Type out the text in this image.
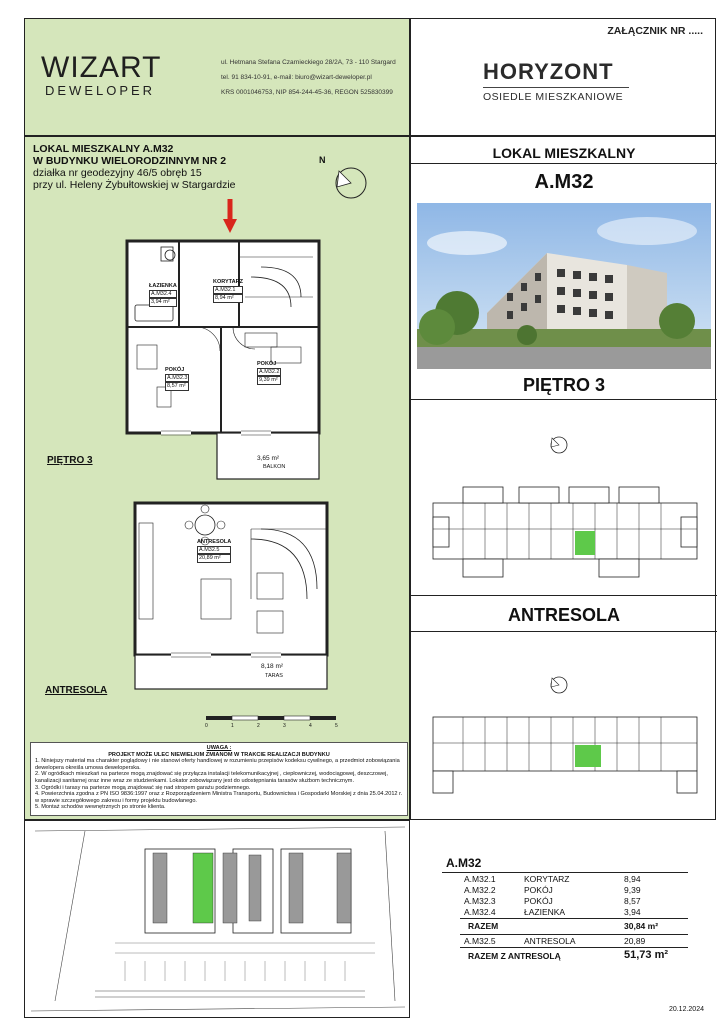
WIZART
DEWELOPER
ul. Hetmana Stefana Czarnieckiego 28/2A, 73 - 110 Stargard
tel. 91 834-10-91, e-mail: biuro@wizart-deweloper.pl
KRS 0001046753, NIP 854-244-45-36, REGON 525830399
ZAŁĄCZNIK NR .....
HORYZONT
OSIEDLE MIESZKANIOWE
LOKAL MIESZKALNY A.M32
W BUDYNKU WIELORODZINNYM NR 2
działka nr geodezyjny 46/5 obręb 15
przy ul. Heleny Żybułtowskiej w Stargardzie
N
ŁAZIENKA
A.M32.4
3,94 m²
KORYTARZ
A.M32.1
8,94 m²
POKÓJ
A.M32.3
8,57 m²
POKÓJ
A.M32.2
9,39 m²
3,65 m²
BALKON
PIĘTRO 3
ANTRESOLA
A.M32.5
20,89 m²
8,18 m²
TARAS
ANTRESOLA
0	1	2	3	4	5
UWAGA :
PROJEKT MOŻE ULEC NIEWIELKIM ZMIANOM W TRAKCIE REALIZACJI BUDYNKU
1. Niniejszy materiał ma charakter poglądowy i nie stanowi oferty handlowej w rozumieniu przepisów kodeksu cywilnego, a przedmiot zobowiązania dewelopera określa umowa deweloperska.
2. W ogródkach mieszkań na parterze mogą znajdować się przyłącza instalacji telekomunikacyjnej , ciepłowniczej, wodociągowej, deszczowej, kanalizacji sanitarnej oraz inne wraz ze studzienkami. Lokator zobowiązany jest do udostępniania tarasów służbom technicznym.
3. Ogródki i tarasy na parterze mogą znajdować się nad stropem garażu podziemnego.
4. Powierzchnia zgodna z PN ISO 9836:1997 oraz z Rozporządzeniem Ministra Transportu, Budownictwa i Gospodarki Morskiej z dnia 25.04.2012 r. w sprawie szczegółowego zakresu i formy projektu budowlanego.
5. Montaż schodów wewnętrznych po stronie klienta.
LOKAL MIESZKALNY
A.M32
PIĘTRO 3
ANTRESOLA
A.M32
A.M32.1	KORYTARZ	8,94
A.M32.2	POKÓJ	9,39
A.M32.3	POKÓJ	8,57
A.M32.4	ŁAZIENKA	3,94
RAZEM	30,84 m²
A.M32.5	ANTRESOLA	20,89
RAZEM Z ANTRESOLĄ	51,73 m²
20.12.2024
